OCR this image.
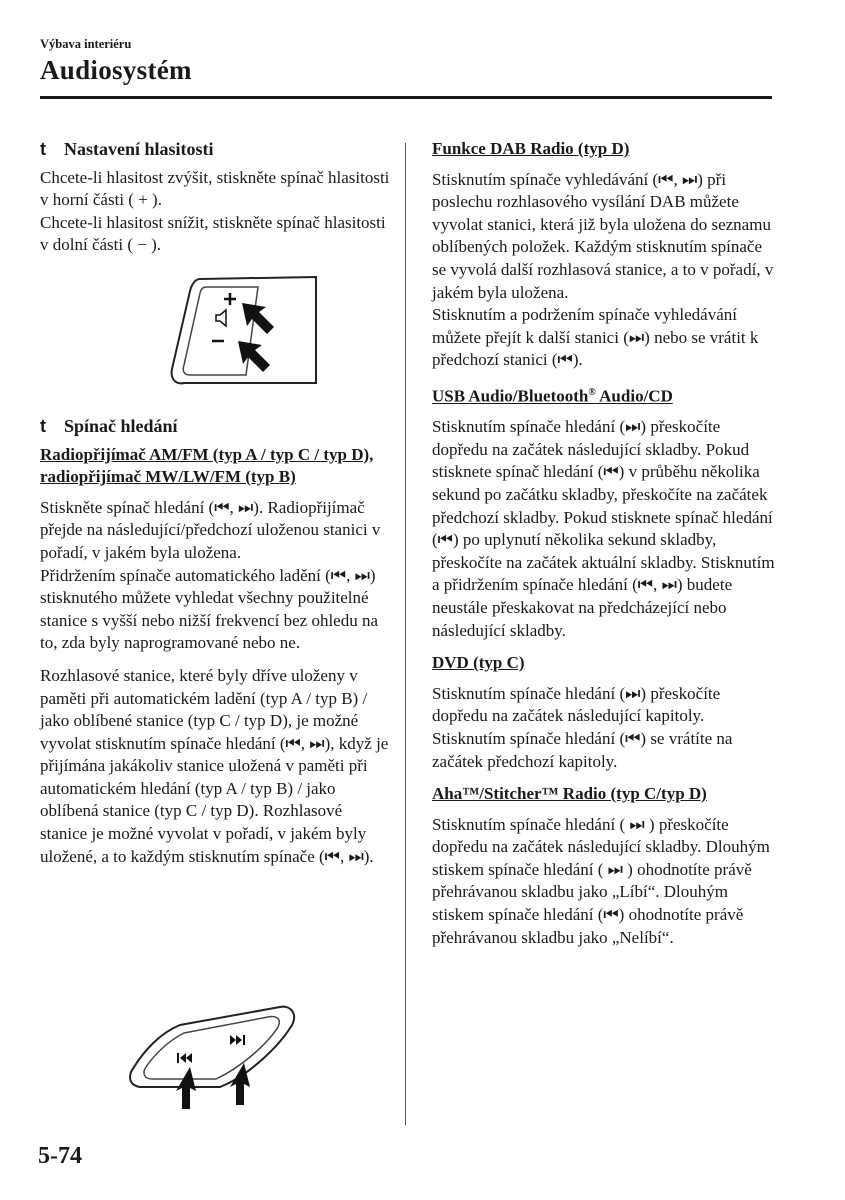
Výbava interiéru
Audiosystém

t Nastavení hlasitosti

Chcete-li hlasitost zvýšit, stiskněte spínač hlasitosti v horní části ( + ).

Chcete-li hlasitost snížit, stiskněte spínač hlasitosti v dolní části ( − ).

t Spínač hledání

Radiopřijímač AM/FM (typ A / typ C / typ D), radiopřijímač MW/LW/FM (typ B)

Stiskněte spínač hledání (⏮, ⏭). Radiopřijímač přejde na následující/předchozí uloženou stanici v pořadí, v jakém byla uložena.

Přidržením spínače automatického ladění (⏮, ⏭) stisknutého můžete vyhledat všechny použitelné stanice s vyšší nebo nižší frekvencí bez ohledu na to, zda byly naprogramované nebo ne.

Rozhlasové stanice, které byly dříve uloženy v paměti při automatickém ladění (typ A / typ B) / jako oblíbené stanice (typ C / typ D), je možné vyvolat stisknutím spínače hledání (⏮, ⏭), když je přijímána jakákoliv stanice uložená v paměti při automatickém hledání (typ A / typ B) / jako oblíbená stanice (typ C / typ D). Rozhlasové stanice je možné vyvolat v pořadí, v jakém byly uložené, a to každým stisknutím spínače (⏮, ⏭).

Funkce DAB Radio (typ D)

Stisknutím spínače vyhledávání (⏮, ⏭) při poslechu rozhlasového vysílání DAB můžete vyvolat stanici, která již byla uložena do seznamu oblíbených položek. Každým stisknutím spínače se vyvolá další rozhlasová stanice, a to v pořadí, v jakém byla uložena.

Stisknutím a podržením spínače vyhledávání můžete přejít k další stanici (⏭) nebo se vrátit k předchozí stanici (⏮).

USB Audio/Bluetooth® Audio/CD

Stisknutím spínače hledání (⏭) přeskočíte dopředu na začátek následující skladby. Pokud stisknete spínač hledání (⏮) v průběhu několika sekund po začátku skladby, přeskočíte na začátek předchozí skladby. Pokud stisknete spínač hledání (⏮) po uplynutí několika sekund skladby, přeskočíte na začátek aktuální skladby. Stisknutím a přidržením spínače hledání (⏮, ⏭) budete neustále přeskakovat na předcházející nebo následující skladby.

DVD (typ C)

Stisknutím spínače hledání (⏭) přeskočíte dopředu na začátek následující kapitoly. Stisknutím spínače hledání (⏮) se vrátíte na začátek předchozí kapitoly.

Aha™/Stitcher™ Radio (typ C/typ D)

Stisknutím spínače hledání ( ⏭ ) přeskočíte dopředu na začátek následující skladby. Dlouhým stiskem spínače hledání ( ⏭ ) ohodnotíte právě přehrávanou skladbu jako „Líbí“. Dlouhým stiskem spínače hledání (⏮) ohodnotíte právě přehrávanou skladbu jako „Nelíbí“.

5-74
